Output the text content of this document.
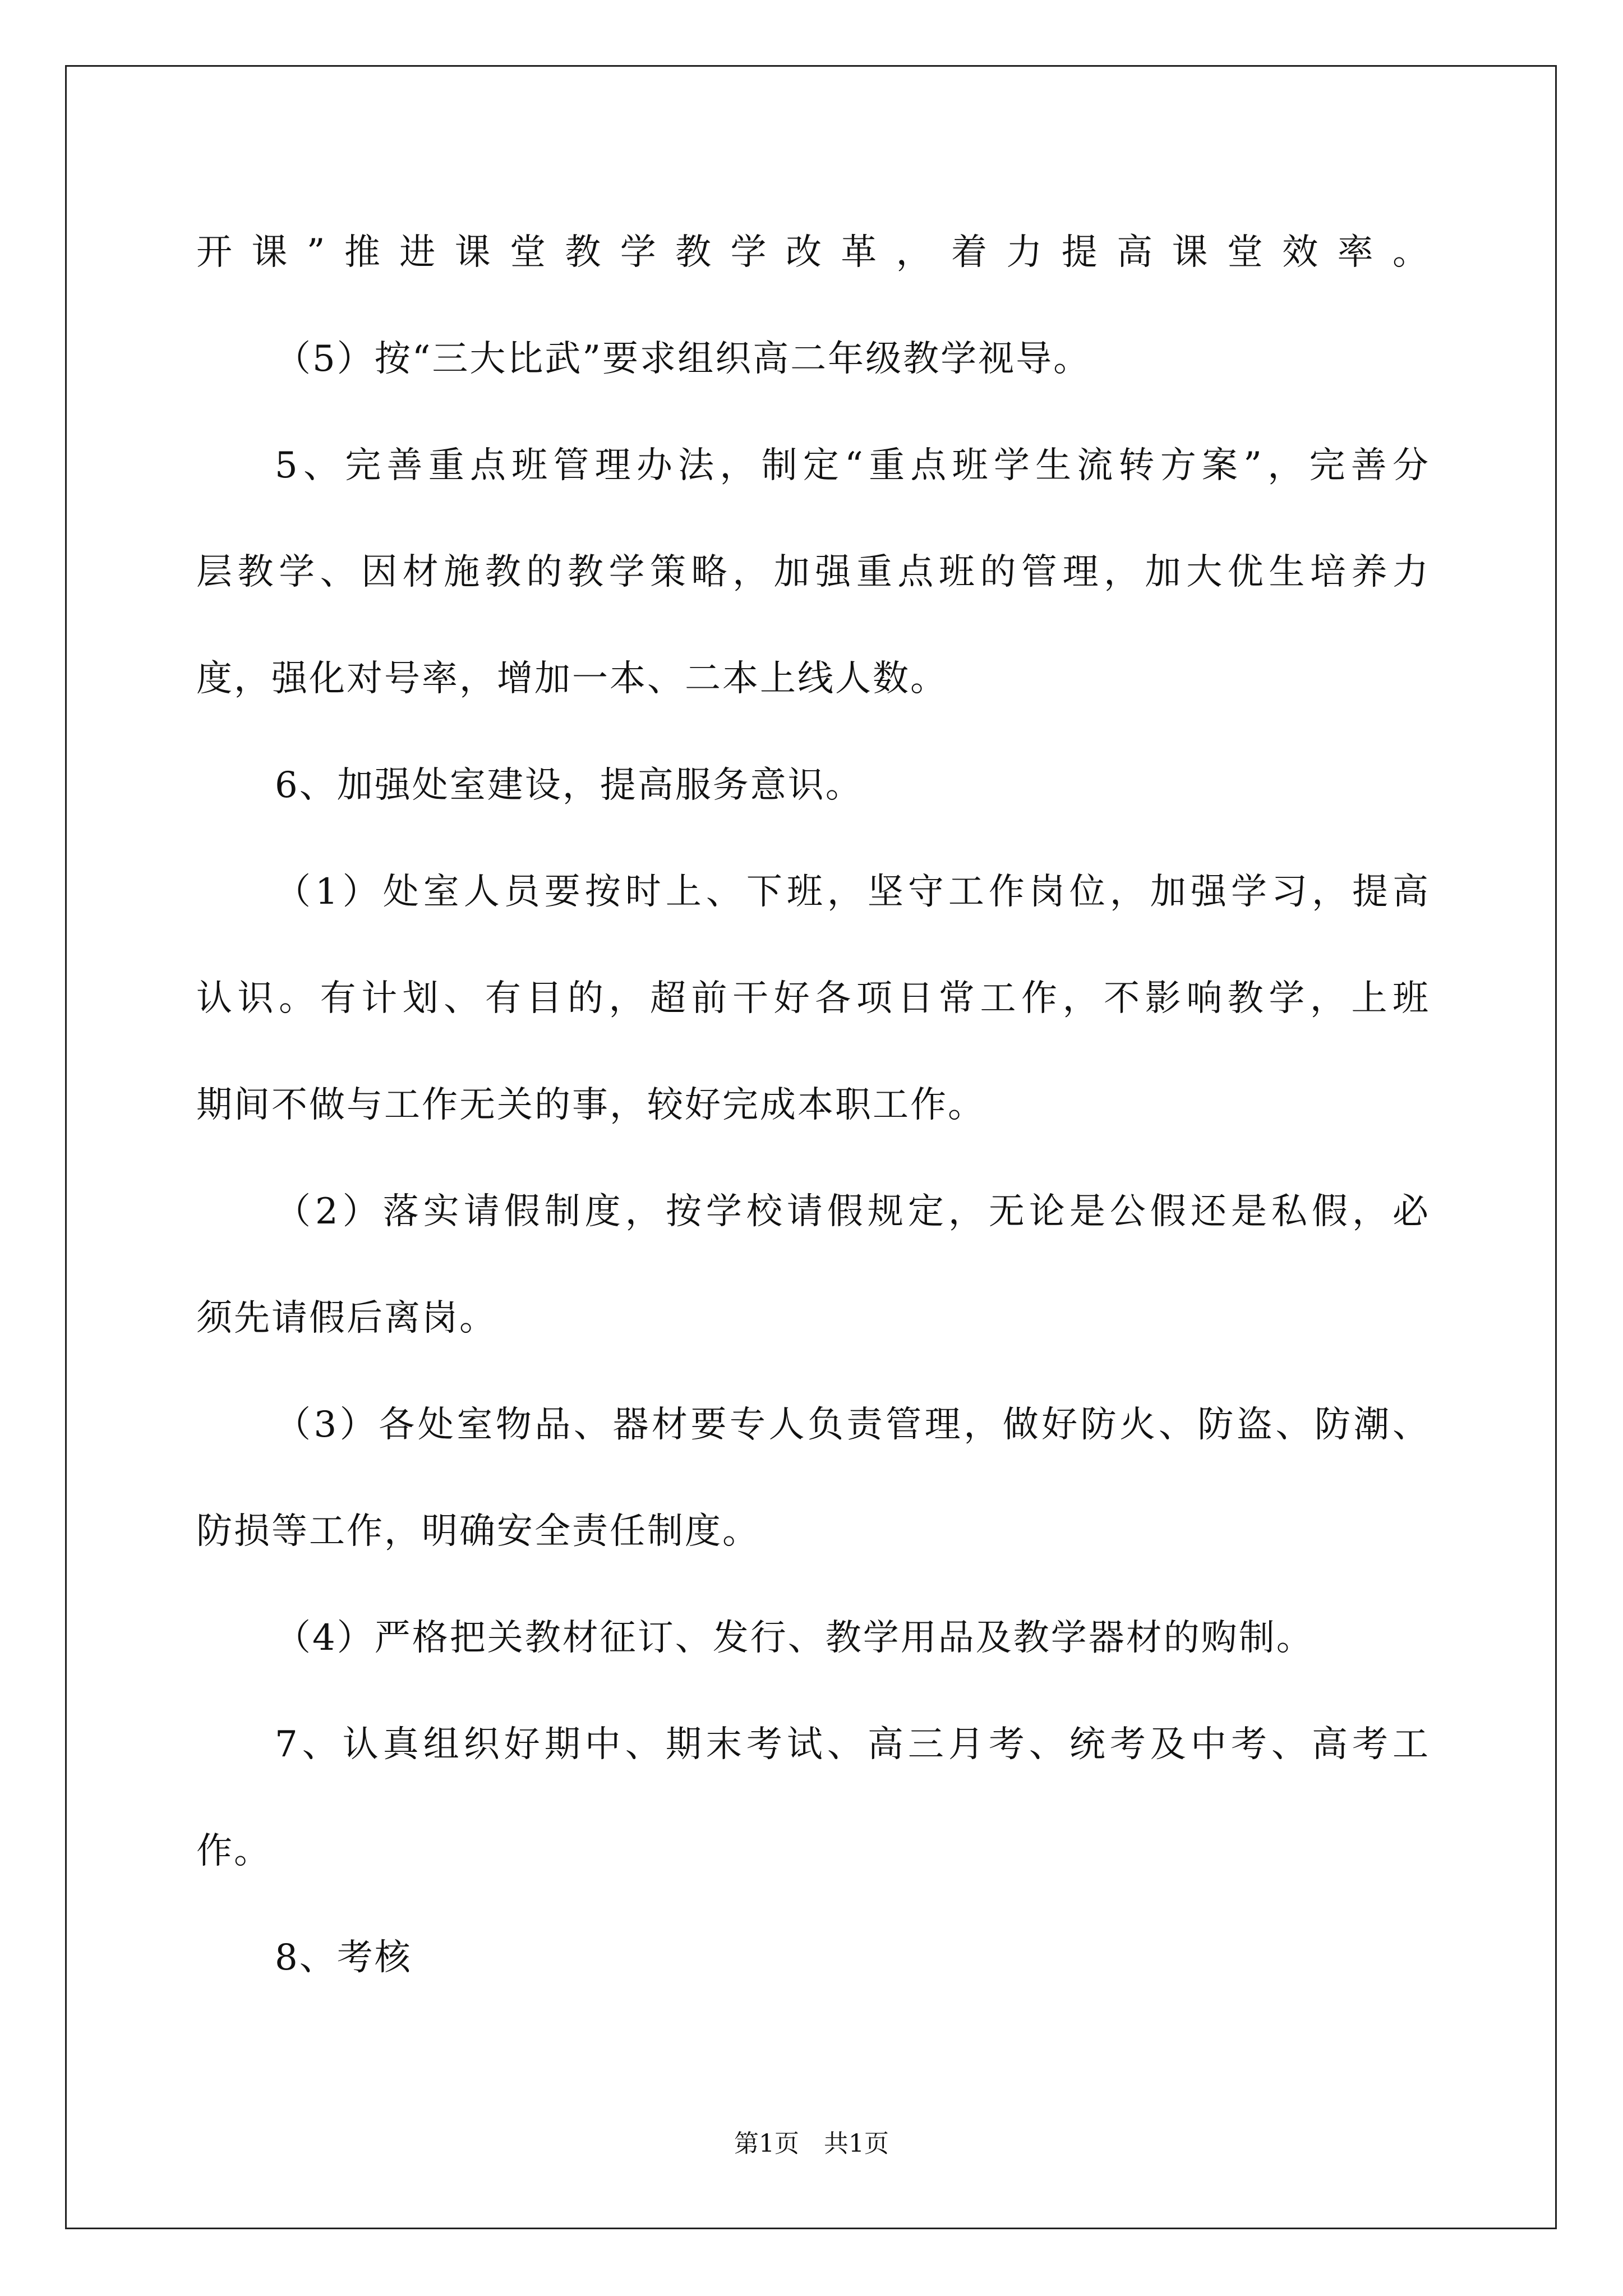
开课”推进课堂教学教学改革，着力提高课堂效率。
（5）按“三大比武”要求组织高二年级教学视导。
5、完善重点班管理办法，制定“重点班学生流转方案”，完善分
层教学、因材施教的教学策略，加强重点班的管理，加大优生培养力
度，强化对号率，增加一本、二本上线人数。
6、加强处室建设，提高服务意识。
（1）处室人员要按时上、下班，坚守工作岗位，加强学习，提高
认识。有计划、有目的，超前干好各项日常工作，不影响教学，上班
期间不做与工作无关的事，较好完成本职工作。
（2）落实请假制度，按学校请假规定，无论是公假还是私假，必
须先请假后离岗。
（3）各处室物品、器材要专人负责管理，做好防火、防盗、防潮、
防损等工作，明确安全责任制度。
（4）严格把关教材征订、发行、教学用品及教学器材的购制。
7、认真组织好期中、期末考试、高三月考、统考及中考、高考工
作。
8、考核
第1页　共1页
